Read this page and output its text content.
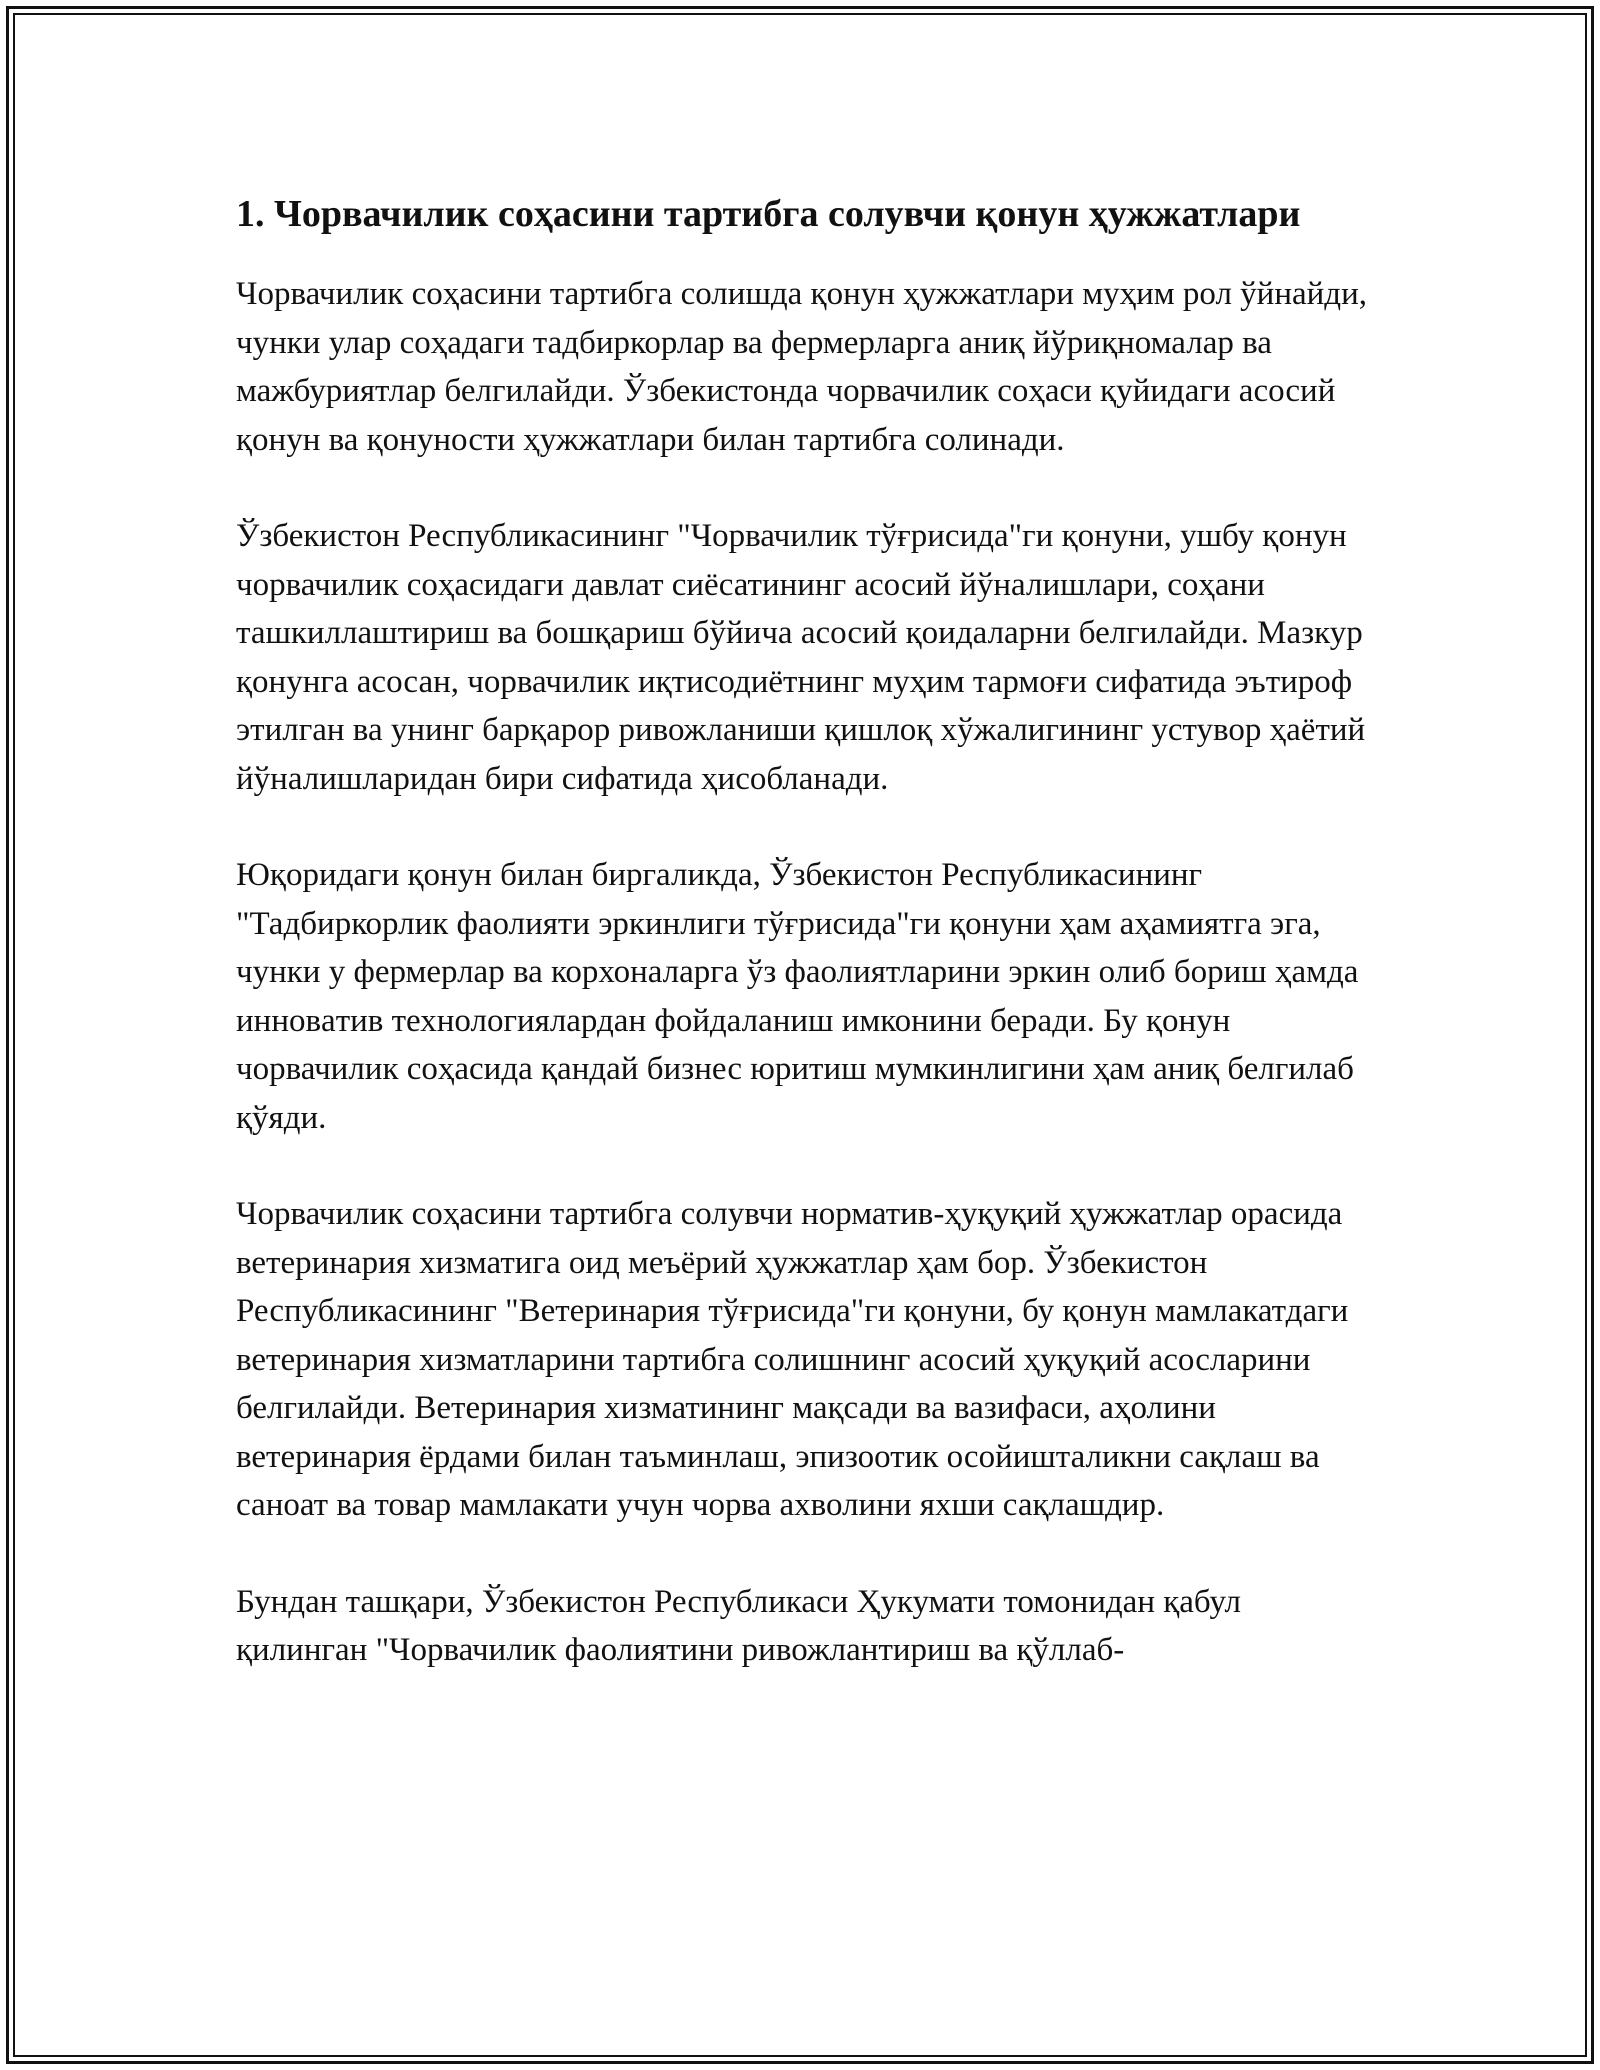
1. Чорвачилик соҳасини тартибга солувчи қонун ҳужжатлари

Чорвачилик соҳасини тартибга солишда қонун ҳужжатлари муҳим рол ўйнайди, чунки улар соҳадаги тадбиркорлар ва фермерларга аниқ йўриқномалар ва мажбуриятлар белгилайди. Ўзбекистонда чорвачилик соҳаси қуйидаги асосий қонун ва қонуности ҳужжатлари билан тартибга солинади.

Ўзбекистон Республикасининг "Чорвачилик тўғрисида"ги қонуни, ушбу қонун чорвачилик соҳасидаги давлат сиёсатининг асосий йўналишлари, соҳани ташкиллаштириш ва бошқариш бўйича асосий қоидаларни белгилайди. Мазкур қонунга асосан, чорвачилик иқтисодиётнинг муҳим тармоғи сифатида эътироф этилган ва унинг барқарор ривожланиши қишлоқ хўжалигининг устувор ҳаётий йўналишларидан бири сифатида ҳисобланади.

Юқоридаги қонун билан биргаликда, Ўзбекистон Республикасининг "Тадбиркорлик фаолияти эркинлиги тўғрисида"ги қонуни ҳам аҳамиятга эга, чунки у фермерлар ва корхоналарга ўз фаолиятларини эркин олиб бориш ҳамда инновaтив технологиялардан фойдаланиш имконини беради. Бу қонун чорвачилик соҳасида қандай бизнес юритиш мумкинлигини ҳам аниқ белгилаб қўяди.

Чорвачилик соҳасини тартибга солувчи норматив-ҳуқуқий ҳужжатлар орасида ветеринария хизматига оид меъёрий ҳужжатлар ҳам бор. Ўзбекистон Республикасининг "Ветеринария тўғрисида"ги қонуни, бу қонун мамлакатдаги ветеринария хизматларини тартибга солишнинг асосий ҳуқуқий асосларини белгилайди. Ветеринария хизматининг мақсади ва вазифаси, аҳолини ветеринария ёрдами билан таъминлаш, эпизоотик осойишталикни сақлаш ва саноат ва товар мамлакати учун чорва ахволини яхши сақлашдир.

Бундан ташқари, Ўзбекистон Республикаси Ҳукумати томонидан қабул қилинган "Чорвачилик фаолиятини ривожлантириш ва қўллаб-
